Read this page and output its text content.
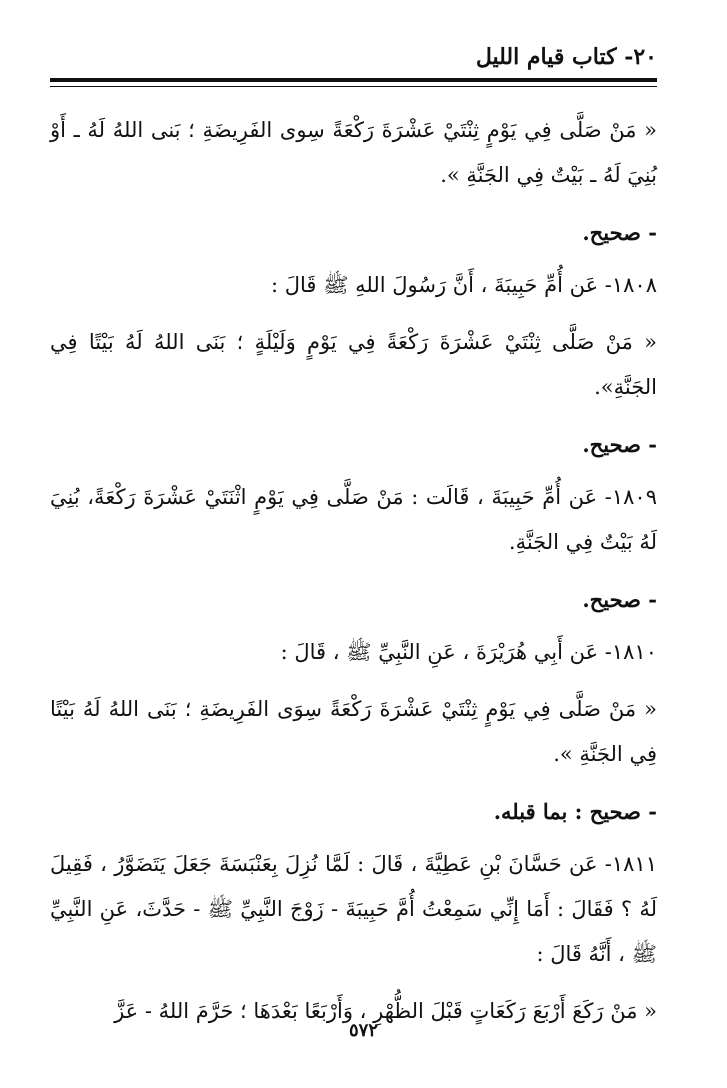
٢٠- كتاب قيام الليل

« مَنْ صَلَّى فِي يَوْمٍ ثِنْتَيْ عَشْرَةَ رَكْعَةً سِوى الفَرِيضَةِ ؛ بَنى اللهُ لَهُ ـ أَوْ بُنِيَ لَهُ ـ بَيْتٌ فِي الجَنَّةِ ».

- صحيح.

١٨٠٨- عَن أُمِّ حَبِيبَةَ ، أَنَّ رَسُولَ اللهِ ﷺ قَالَ :

« مَنْ صَلَّى ثِنْتَيْ عَشْرَةَ رَكْعَةً فِي يَوْمٍ وَلَيْلَةٍ ؛ بَنَى اللهُ لَهُ بَيْتًا فِي الجَنَّةِ».

- صحيح.

١٨٠٩- عَن أُمِّ حَبِيبَةَ ، قَالَت : مَنْ صَلَّى فِي يَوْمٍ اثْنَتَيْ عَشْرَةَ رَكْعَةً، بُنِيَ لَهُ بَيْتٌ فِي الجَنَّةِ.

- صحيح.

١٨١٠- عَن أَبِي هُرَيْرَةَ ، عَنِ النَّبِيِّ ﷺ ، قَالَ :

« مَنْ صَلَّى فِي يَوْمٍ ثِنْتَيْ عَشْرَةَ رَكْعَةً سِوَى الفَرِيضَةِ ؛ بَنَى اللهُ لَهُ بَيْتًا فِي الجَنَّةِ ».

- صحيح : بما قبله.

١٨١١- عَن حَسَّانَ بْنِ عَطِيَّةَ ، قَالَ : لَمَّا نُزِلَ بِعَنْبَسَةَ جَعَلَ يَتَضَوَّرُ ، فَقِيلَ لَهُ ؟ فَقَالَ : أَمَا إِنِّي سَمِعْتُ أُمَّ حَبِيبَةَ - زَوْجَ النَّبِيِّ ﷺ - حَدَّثَ، عَنِ النَّبِيِّ ﷺ ، أَنَّهُ قَالَ :

« مَنْ رَكَعَ أَرْبَعَ رَكَعَاتٍ قَبْلَ الظُّهْرِ ، وَأَرْبَعًا بَعْدَهَا ؛ حَرَّمَ اللهُ - عَزَّ

٥٧٢
